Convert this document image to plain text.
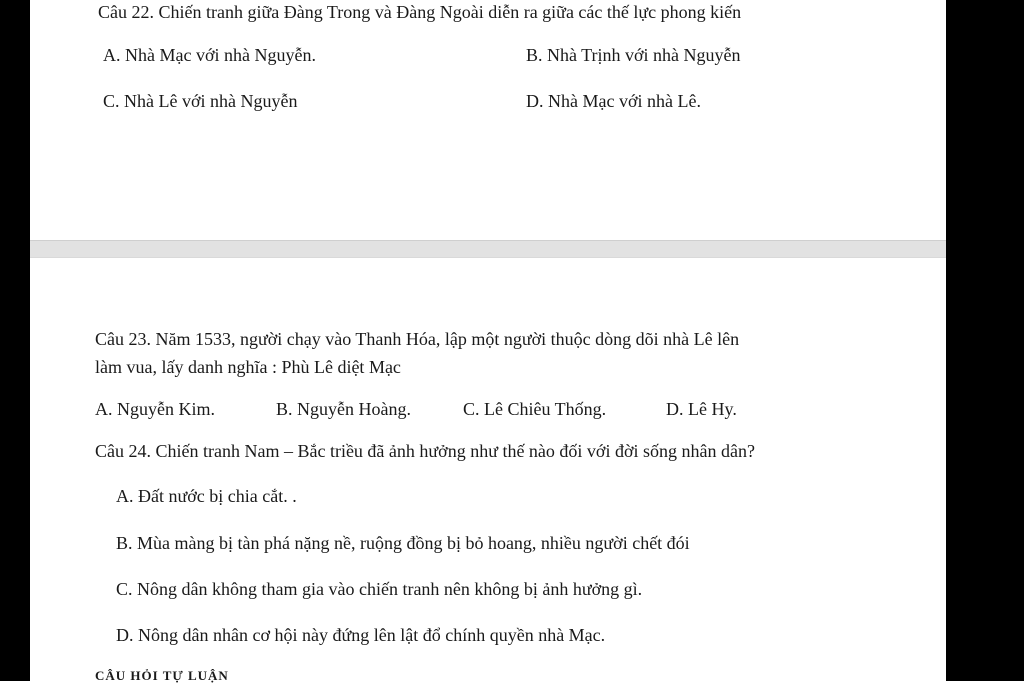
Câu 22. Chiến tranh giữa Đàng Trong và Đàng Ngoài diễn ra giữa các thế lực phong kiến
A. Nhà Mạc với nhà Nguyễn.	B. Nhà Trịnh với nhà Nguyễn
C. Nhà Lê với nhà Nguyễn	D. Nhà Mạc với nhà Lê.
Câu 23. Năm 1533, người chạy vào Thanh Hóa, lập một người thuộc dòng dõi nhà Lê lên
làm vua, lấy danh nghĩa : Phù Lê diệt Mạc
A. Nguyễn Kim.	B. Nguyễn Hoàng.	C. Lê Chiêu Thống.	D. Lê Hy.
Câu 24. Chiến tranh Nam – Bắc triều đã ảnh hưởng như thế nào đối với đời sống nhân dân?
A. Đất nước bị chia cắt. .
B. Mùa màng bị tàn phá nặng nề, ruộng đồng bị bỏ hoang, nhiều người chết đói
C. Nông dân không tham gia vào chiến tranh nên không bị ảnh hưởng gì.
D. Nông dân nhân cơ hội này đứng lên lật đổ chính quyền nhà Mạc.
CÂU HỎI TỰ LUẬN
